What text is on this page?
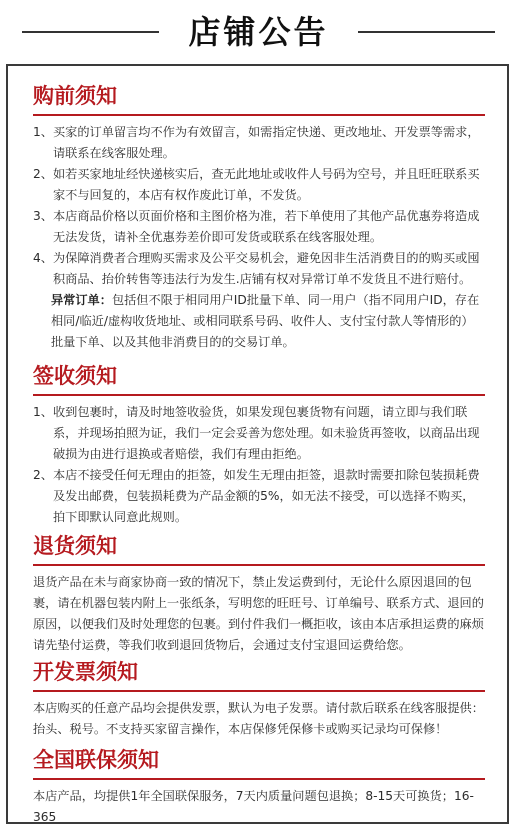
店铺公告
购前须知
1、 买家的订单留言均不作为有效留言，如需指定快递、更改地址、开发票等需求，请联系在线客服处理。
2、 如若买家地址经快递核实后，查无此地址或收件人号码为空号，并且旺旺联系买家不与回复的，本店有权作废此订单，不发货。
3、 本店商品价格以页面价格和主图价格为准，若下单使用了其他产品优惠券将造成无法发货，请补全优惠券差价即可发货或联系在线客服处理。
4、 为保障消费者合理购买需求及公平交易机会，避免因非生活消费目的的购买或囤积商品、抬价转售等违法行为发生.店铺有权对异常订单不发货且不进行赔付。
异常订单：包括但不限于相同用户ID批量下单、同一用户（指不同用户ID，存在相同/临近/虚构收货地址、或相同联系号码、收件人、支付宝付款人等情形的）批量下单、以及其他非消费目的的交易订单。
签收须知
1、 收到包裹时，请及时地签收验货，如果发现包裹货物有问题，请立即与我们联系，并现场拍照为证，我们一定会妥善为您处理。如未验货再签收，以商品出现破损为由进行退换或者赔偿，我们有理由拒绝。
2、 本店不接受任何无理由的拒签，如发生无理由拒签，退款时需要扣除包装损耗费及发出邮费，包装损耗费为产品金额的5%，如无法不接受，可以选择不购买，拍下即默认同意此规则。
退货须知
退货产品在未与商家协商一致的情况下，禁止发运费到付，无论什么原因退回的包裹，请在机器包装内附上一张纸条，写明您的旺旺号、订单编号、联系方式、退回的原因，以便我们及时处理您的包裹。到付件我们一概拒收，该由本店承担运费的麻烦请先垫付运费，等我们收到退回货物后，会通过支付宝退回运费给您。
开发票须知
本店购买的任意产品均会提供发票，默认为电子发票。请付款后联系在线客服提供：抬头、税号。不支持买家留言操作，本店保修凭保修卡或购买记录均可保修！
全国联保须知
本店产品，均提供1年全国联保服务，7天内质量问题包退换；8-15天可换货；16-365
